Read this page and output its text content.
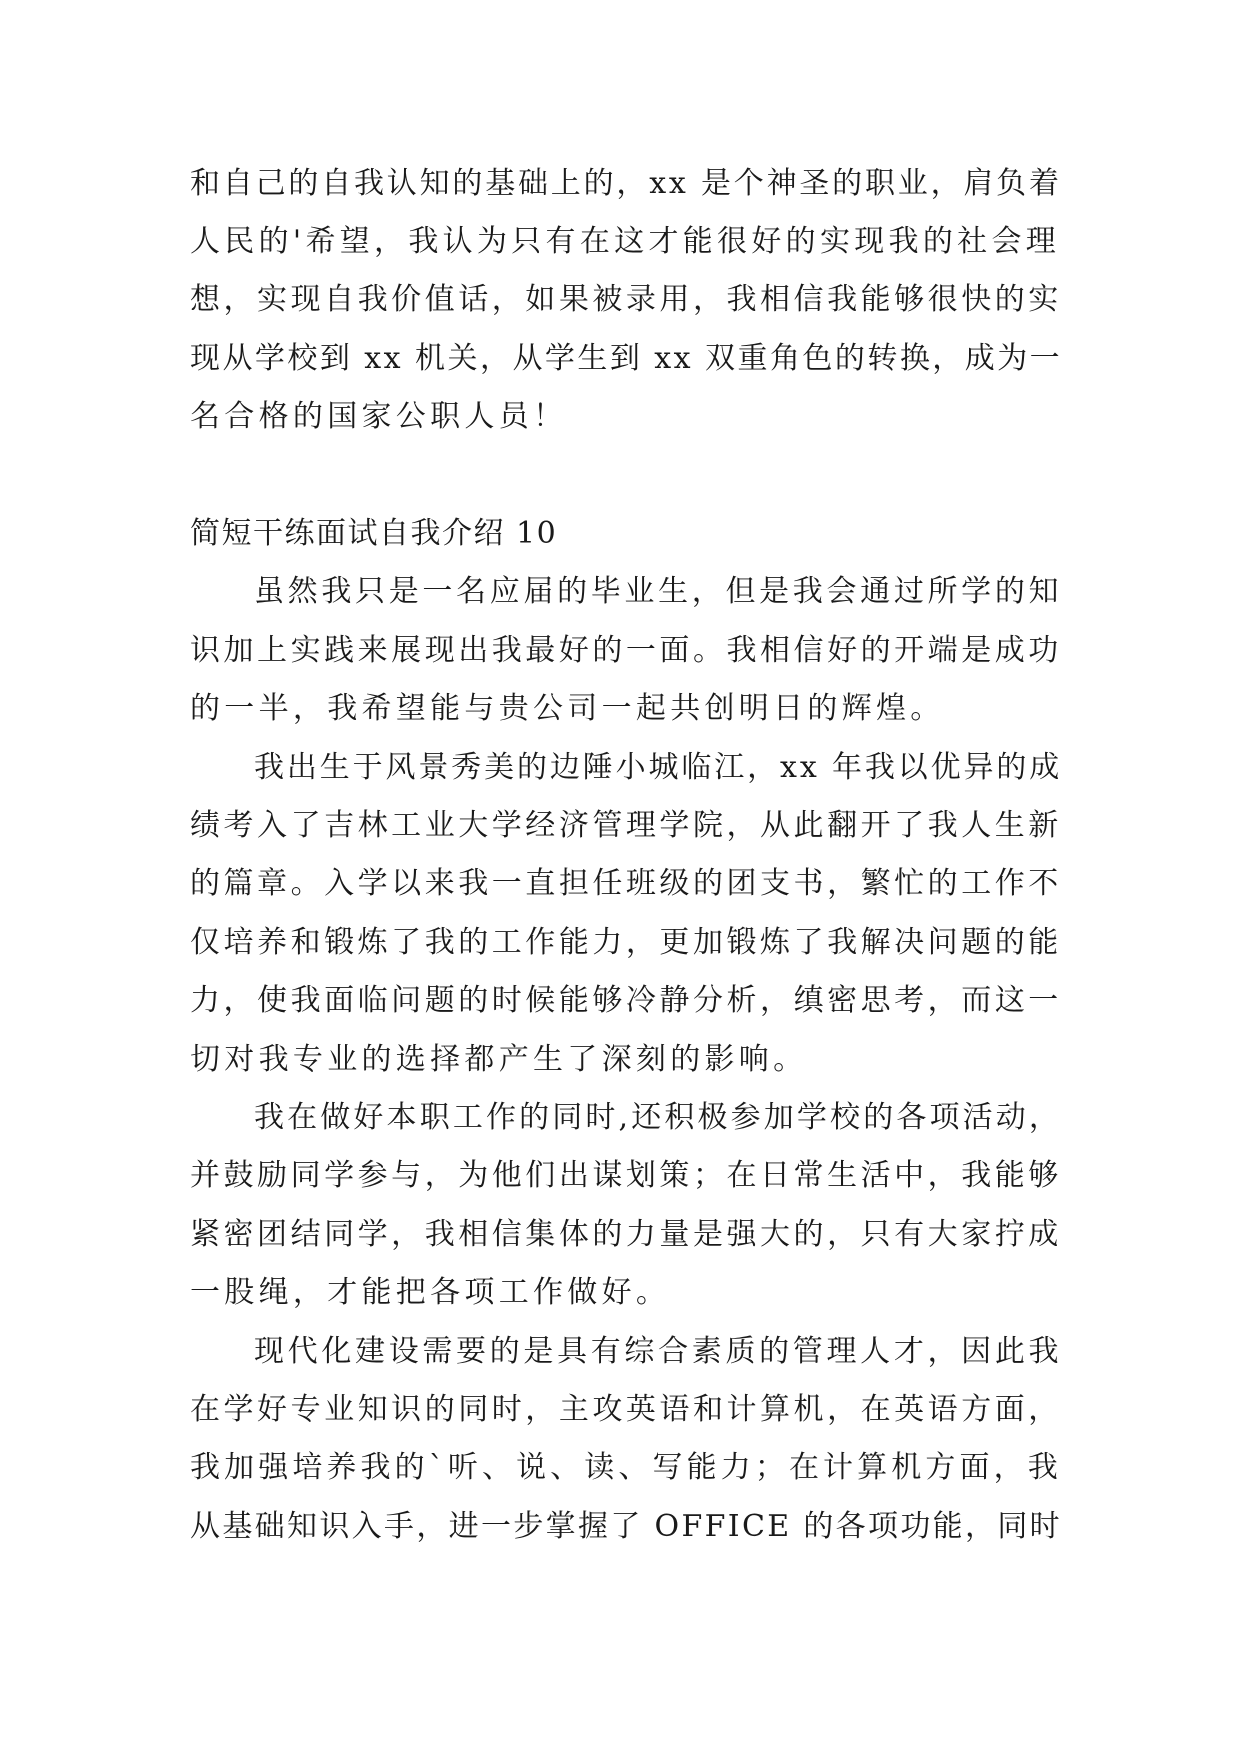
和自己的自我认知的基础上的，xx 是个神圣的职业，肩负着
人民的'希望，我认为只有在这才能很好的实现我的社会理
想，实现自我价值话，如果被录用，我相信我能够很快的实
现从学校到 xx 机关，从学生到 xx 双重角色的转换，成为一
名合格的国家公职人员！
简短干练面试自我介绍 10
虽然我只是一名应届的毕业生，但是我会通过所学的知
识加上实践来展现出我最好的一面。我相信好的开端是成功
的一半，我希望能与贵公司一起共创明日的辉煌。
我出生于风景秀美的边陲小城临江，xx 年我以优异的成
绩考入了吉林工业大学经济管理学院，从此翻开了我人生新
的篇章。入学以来我一直担任班级的团支书，繁忙的工作不
仅培养和锻炼了我的工作能力，更加锻炼了我解决问题的能
力，使我面临问题的时候能够冷静分析，缜密思考，而这一
切对我专业的选择都产生了深刻的影响。
我在做好本职工作的同时,还积极参加学校的各项活动，
并鼓励同学参与，为他们出谋划策；在日常生活中，我能够
紧密团结同学，我相信集体的力量是强大的，只有大家拧成
一股绳，才能把各项工作做好。
现代化建设需要的是具有综合素质的管理人才，因此我
在学好专业知识的同时，主攻英语和计算机，在英语方面，
我加强培养我的`听、说、读、写能力；在计算机方面，我
从基础知识入手，进一步掌握了 OFFICE 的各项功能，同时
